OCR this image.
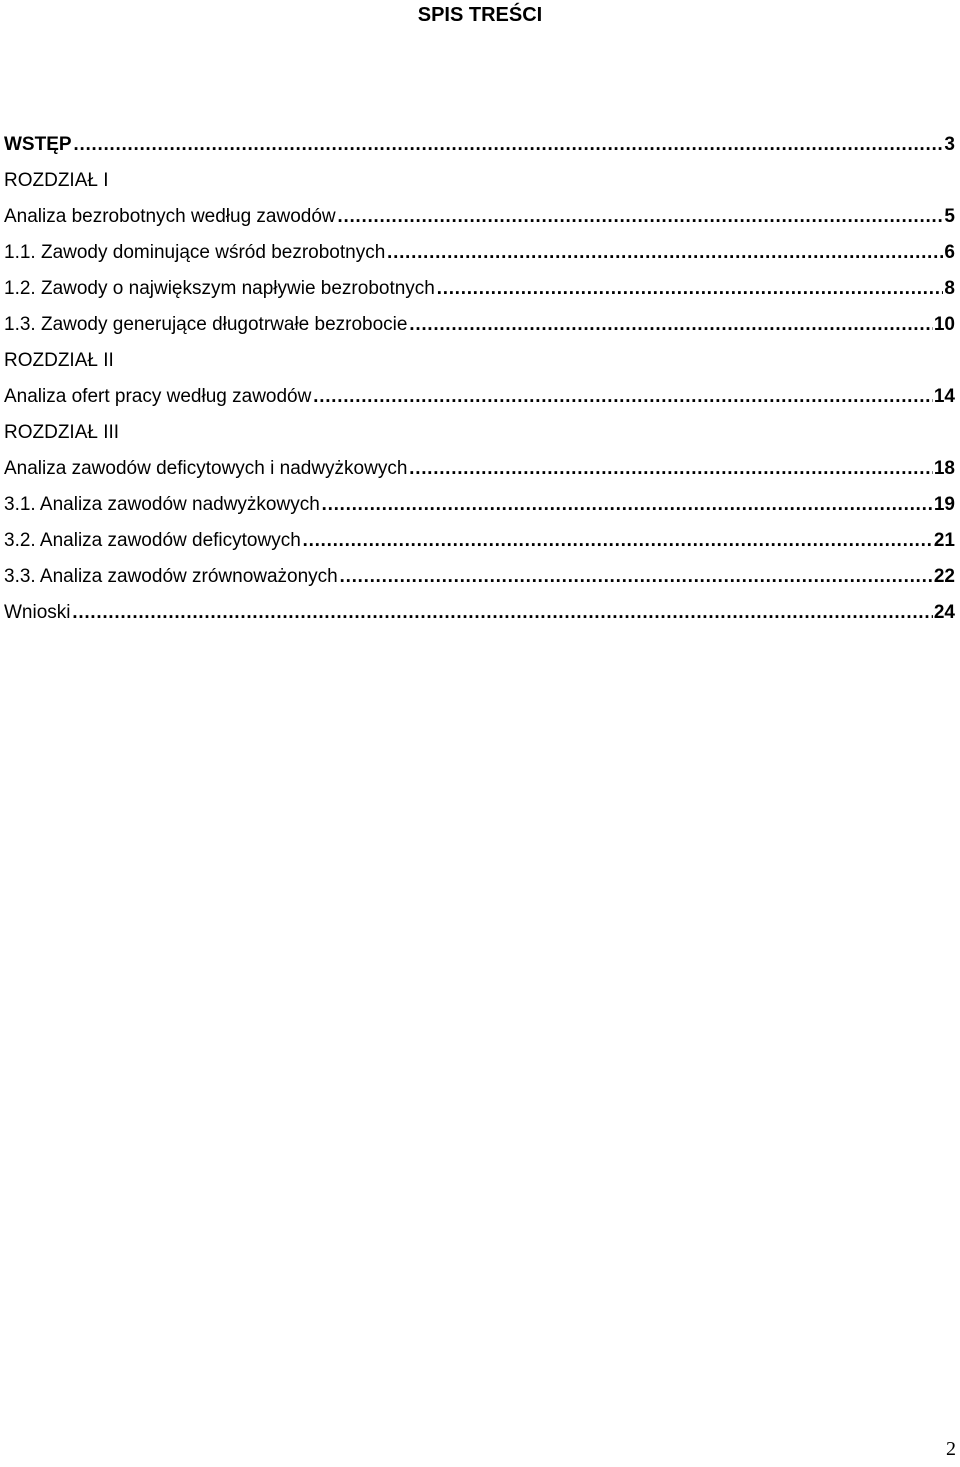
SPIS TREŚCI
WSTĘP ……………………………………………………………………………………………………………………………………………………………………………………………………………………	3
ROZDZIAŁ I
Analiza bezrobotnych według zawodów ……………………………………………………………………………………………………………………………………………………………………………………………………………………	5
1.1. Zawody dominujące wśród bezrobotnych ……………………………………………………………………………………………………………………………………………………………………………………………………………………	6
1.2. Zawody o największym napływie bezrobotnych ……………………………………………………………………………………………………………………………………………………………………………………………………………………	8
1.3. Zawody generujące długotrwałe bezrobocie ……………………………………………………………………………………………………………………………………………………………………………………………………………………	10
ROZDZIAŁ II
Analiza ofert pracy według zawodów ……………………………………………………………………………………………………………………………………………………………………………………………………………………	14
ROZDZIAŁ III
Analiza zawodów deficytowych i nadwyżkowych ……………………………………………………………………………………………………………………………………………………………………………………………………………………	18
3.1. Analiza zawodów nadwyżkowych ……………………………………………………………………………………………………………………………………………………………………………………………………………………	19
3.2. Analiza zawodów deficytowych ……………………………………………………………………………………………………………………………………………………………………………………………………………………	21
3.3. Analiza zawodów zrównoważonych ……………………………………………………………………………………………………………………………………………………………………………………………………………………	22
Wnioski ……………………………………………………………………………………………………………………………………………………………………………………………………………………	24
2
